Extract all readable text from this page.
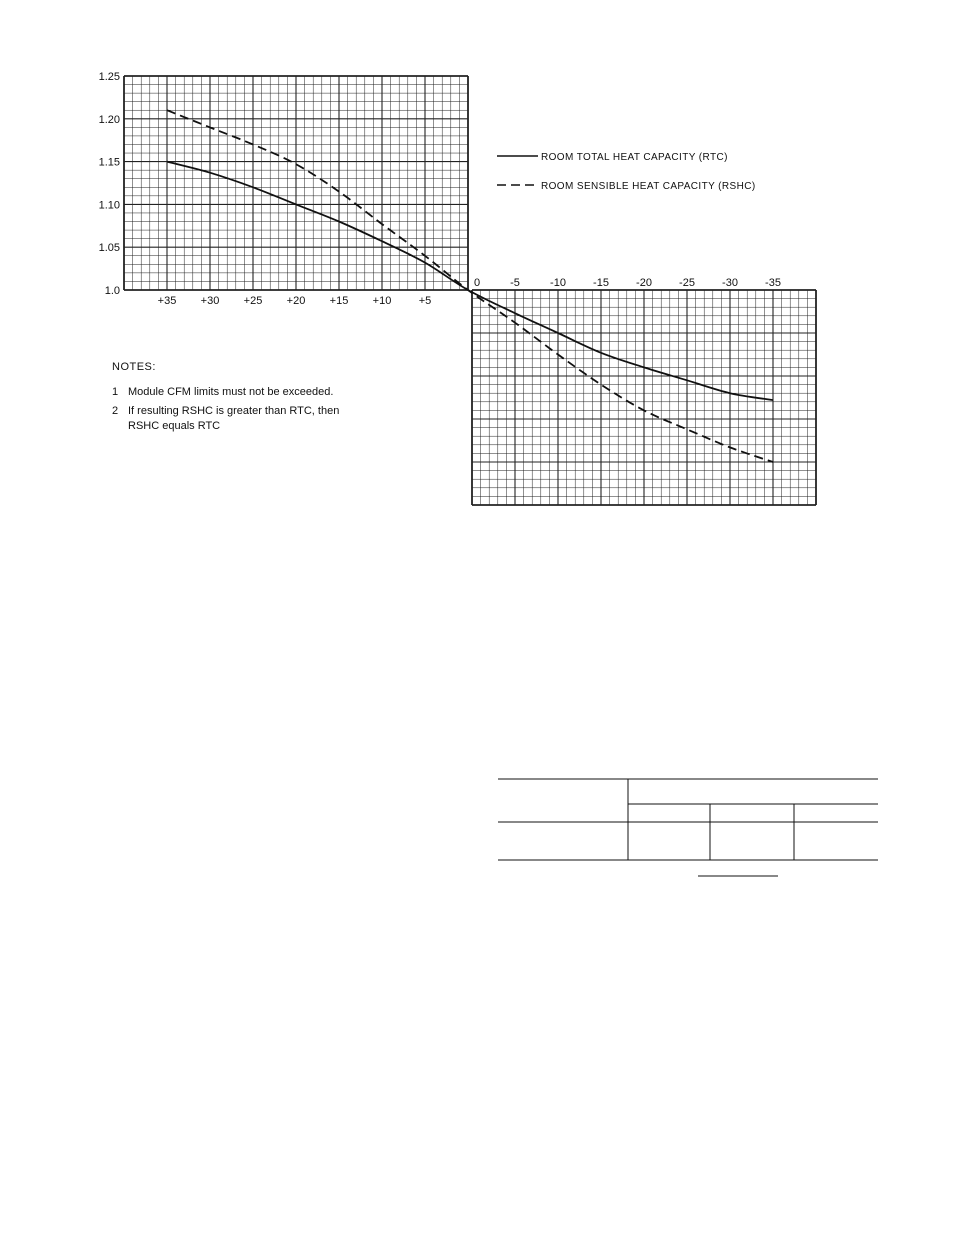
+35 +30 +25 +20 +15 +10 +5
1.0
1.05
1.10
1.15
1.20
1.25
0	-5	-10 -15 -20 -25 -30 -35
ROOM TOTAL HEAT CAPACITY (RTC)
ROOM SENSIBLE HEAT CAPACITY (RSHC)
NOTES:
1 Module CFM limits must not be exceeded.
2 If resulting RSHC is greater than RTC, then RSHC equals RTC
